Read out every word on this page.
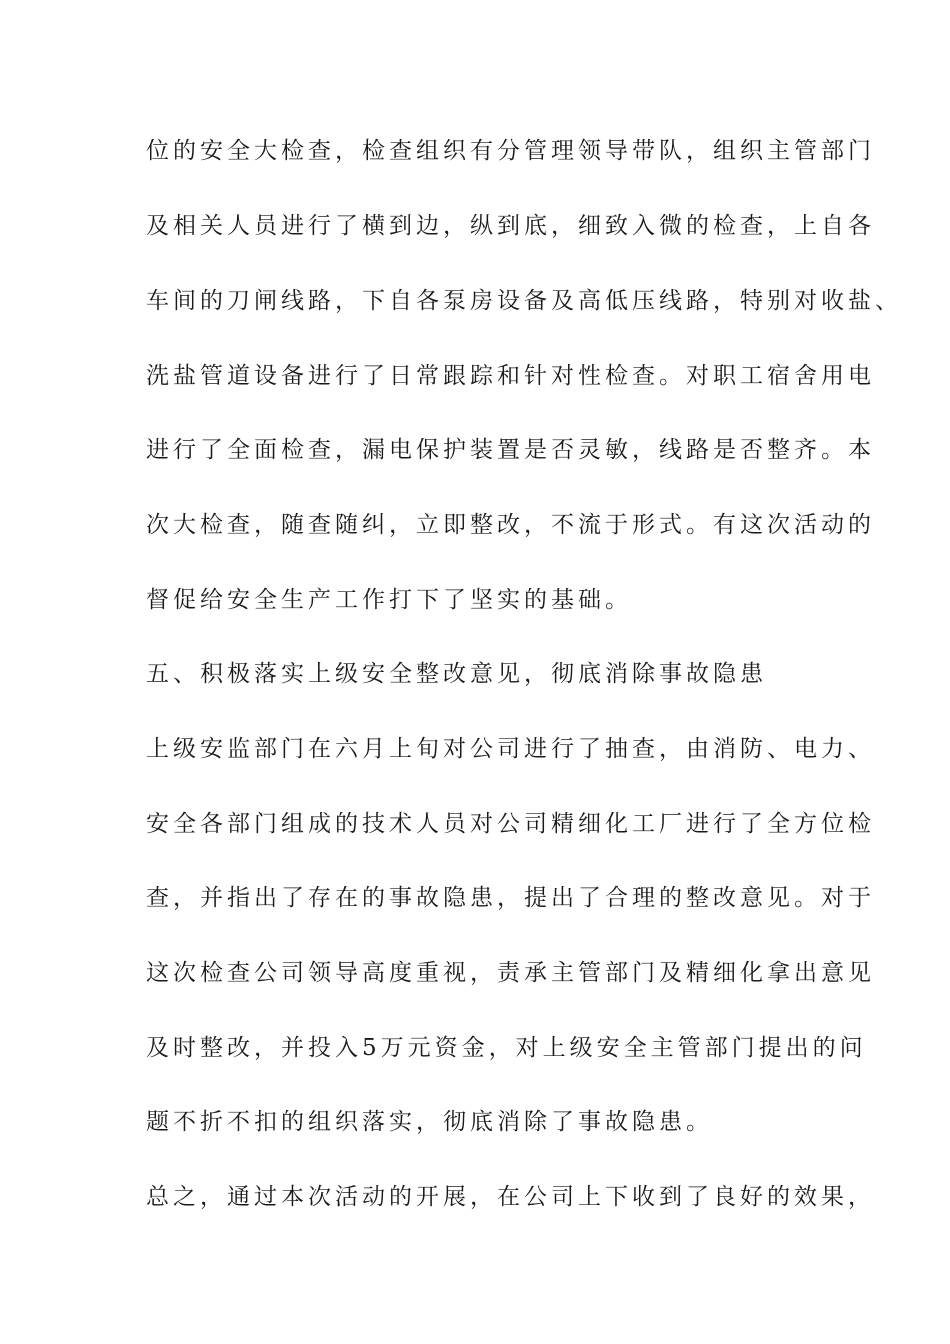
位的安全大检查，检查组织有分管理领导带队，组织主管部门

及相关人员进行了横到边，纵到底，细致入微的检查，上自各

车间的刀闸线路，下自各泵房设备及高低压线路，特别对收盐、

洗盐管道设备进行了日常跟踪和针对性检查。对职工宿舍用电

进行了全面检查，漏电保护装置是否灵敏，线路是否整齐。本

次大检查，随查随纠，立即整改，不流于形式。有这次活动的

督促给安全生产工作打下了坚实的基础。

五、积极落实上级安全整改意见，彻底消除事故隐患

上级安监部门在六月上旬对公司进行了抽查，由消防、电力、

安全各部门组成的技术人员对公司精细化工厂进行了全方位检

查，并指出了存在的事故隐患，提出了合理的整改意见。对于

这次检查公司领导高度重视，责承主管部门及精细化拿出意见

及时整改，并投入5万元资金，对上级安全主管部门提出的问

题不折不扣的组织落实，彻底消除了事故隐患。

总之，通过本次活动的开展，在公司上下收到了良好的效果，
